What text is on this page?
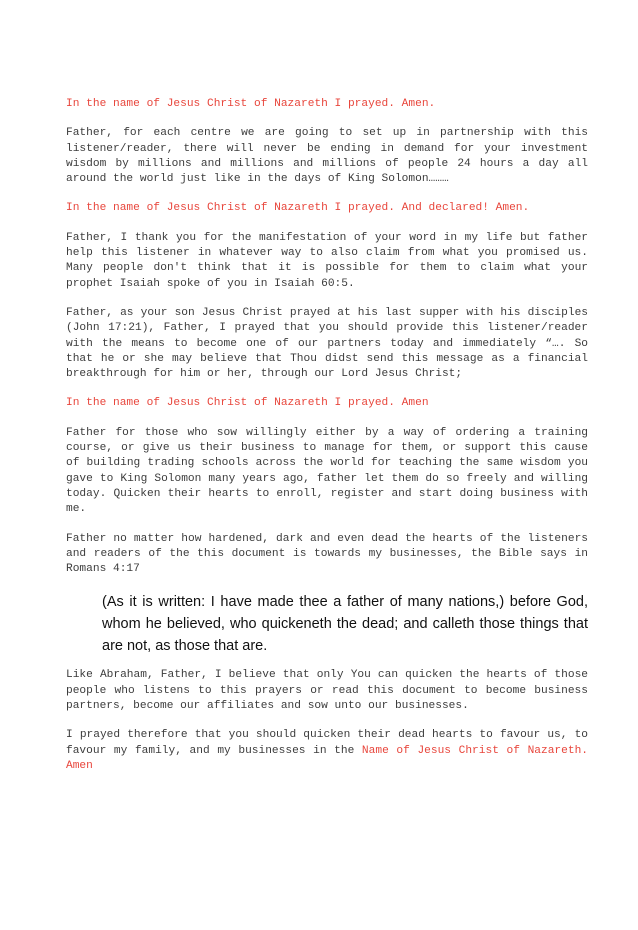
In the name of Jesus Christ of Nazareth I prayed. Amen.

Father, for each centre we are going to set up in partnership with this listener/reader, there will never be ending in demand for your investment wisdom by millions and millions and millions of people 24 hours a day all around the world just like in the days of King Solomon………

In the name of Jesus Christ of Nazareth I prayed. And declared! Amen.

Father, I thank you for the manifestation of your word in my life but father help this listener in whatever way to also claim from what you promised us. Many people don't think that it is possible for them to claim what your prophet Isaiah spoke of you in Isaiah 60:5.

Father, as your son Jesus Christ prayed at his last supper with his disciples (John 17:21), Father, I prayed that you should provide this listener/reader with the means to become one of our partners today and immediately “…. So that he or she may believe that Thou didst send this message as a financial breakthrough for him or her, through our Lord Jesus Christ;

In the name of Jesus Christ of Nazareth I prayed. Amen

Father for those who sow willingly either by a way of ordering a training course, or give us their business to manage for them, or support this cause of building trading schools across the world for teaching the same wisdom you gave to King Solomon many years ago, father let them do so freely and willing today. Quicken their hearts to enroll, register and start doing business with me.

Father no matter how hardened, dark and even dead the hearts of the listeners and readers of the this document is towards my businesses, the Bible says in Romans 4:17

(As it is written: I have made thee a father of many nations,) before God, whom he believed, who quickeneth the dead; and calleth those things that are not, as those that are.

Like Abraham, Father, I believe that only You can quicken the hearts of those people who listens to this prayers or read this document to become business partners, become our affiliates and sow unto our businesses.

I prayed therefore that you should quicken their dead hearts to favour us, to favour my family, and my businesses in the Name of Jesus Christ of Nazareth. Amen
